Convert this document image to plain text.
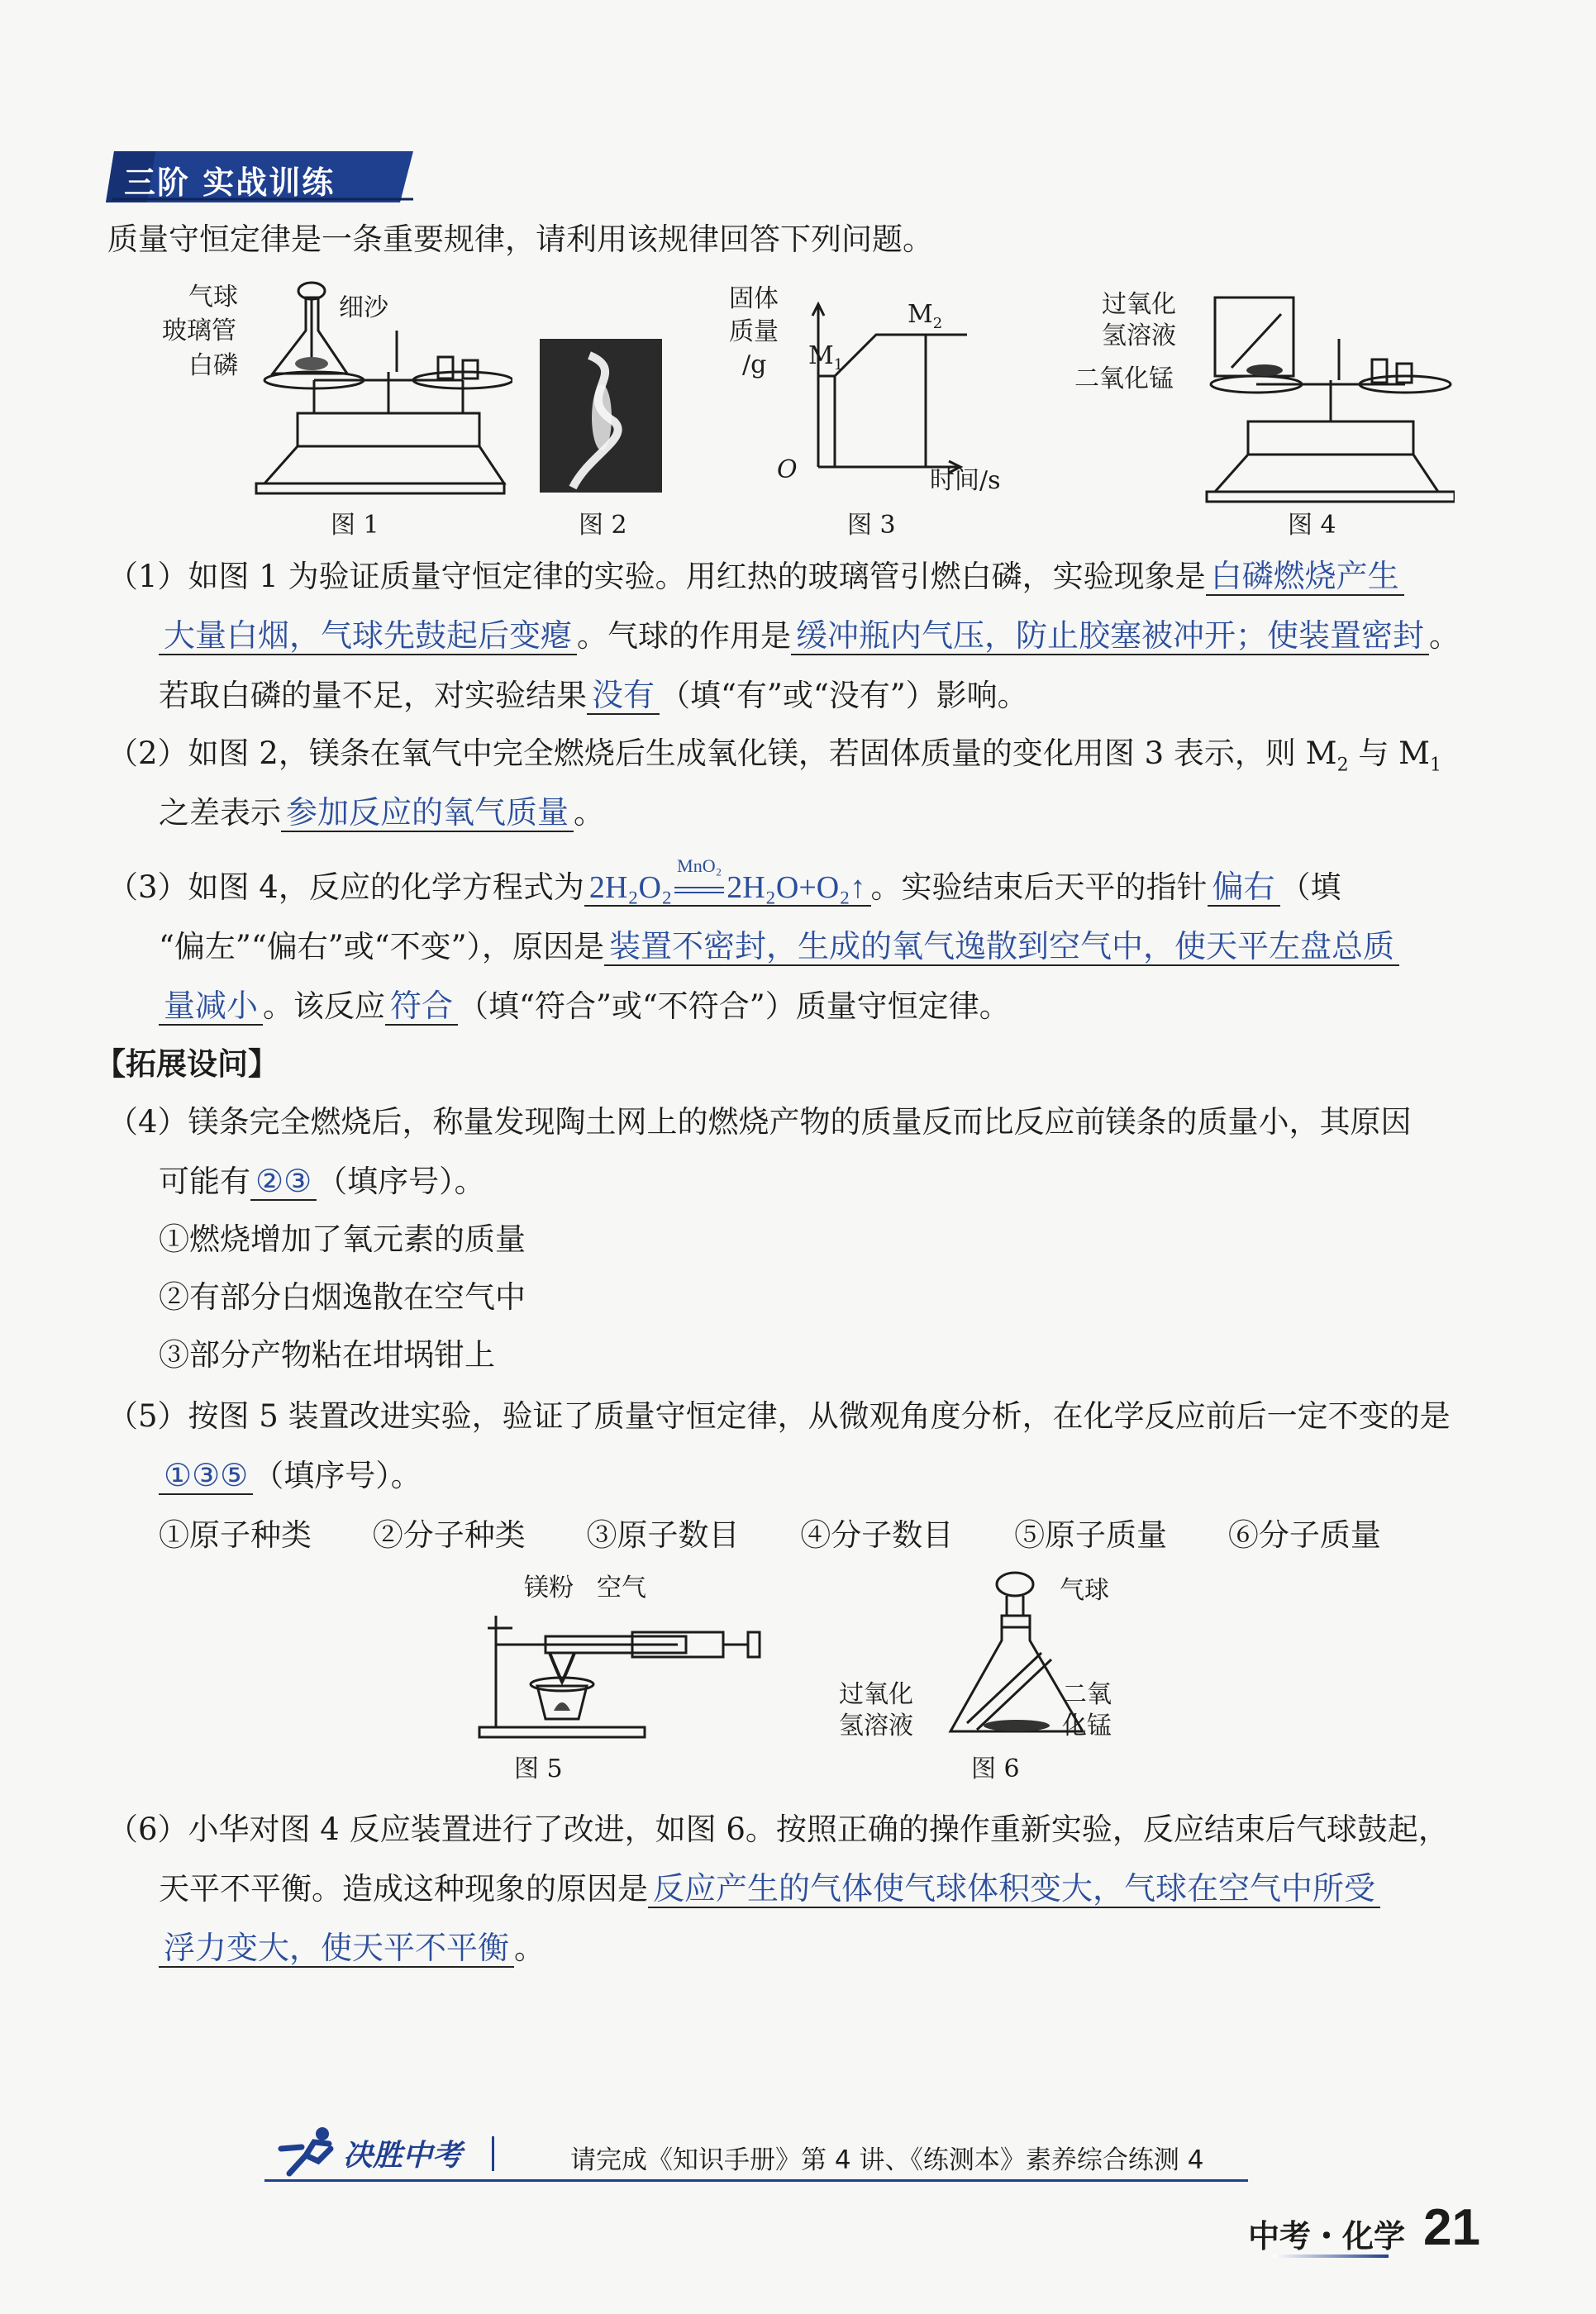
三阶 实战训练
质量守恒定律是一条重要规律，请利用该规律回答下列问题。
气球
玻璃管
白磷
细沙
图 1	图 2
固体
质量
/g
O	时间/s
$M_1$
$M_2$
图 3
过氧化
氢溶液
二氧化锰
图 4
（1）如图 1 为验证质量守恒定律的实验。用红热的玻璃管引燃白磷，实验现象是 白磷燃烧产生
大量白烟，气球先鼓起后变瘪 。气球的作用是 缓冲瓶内气压，防止胶塞被冲开；使装置密封 。
若取白磷的量不足，对实验结果 没有 （填“有”或“没有”）影响。
（2）如图 2，镁条在氧气中完全燃烧后生成氧化镁，若固体质量的变化用图 3 表示，则 $M_2$ 与 $M_1$
之差表示 参加反应的氧气质量 。
（3）如图 4，反应的化学方程式为 2H₂O₂
MnO₂
2H₂O+O₂↑ 。实验结束后天平的指针 偏右 （填
“偏左”“偏右”或“不变”），原因是 装置不密封，生成的氧气逸散到空气中，使天平左盘总质
量减小 。该反应 符合 （填“符合”或“不符合”）质量守恒定律。
【拓展设问】
（4）镁条完全燃烧后，称量发现陶土网上的燃烧产物的质量反而比反应前镁条的质量小，其原因
可能有 ②③ （填序号）。
①燃烧增加了氧元素的质量
②有部分白烟逸散在空气中
③部分产物粘在坩埚钳上
（5）按图 5 装置改进实验，验证了质量守恒定律，从微观角度分析，在化学反应前后一定不变的是
①③⑤ （填序号）。
①原子种类 ②分子种类 ③原子数目 ④分子数目 ⑤原子质量 ⑥分子质量
镁粉 空气
图 5
气球
过氧化
氢溶液
二氧
化锰
图 6
（6）小华对图 4 反应装置进行了改进，如图 6。按照正确的操作重新实验，反应结束后气球鼓起，
天平不平衡。造成这种现象的原因是 反应产生的气体使气球体积变大，气球在空气中所受
浮力变大，使天平不平衡 。
决胜中考	请完成《知识手册》第 4 讲、《练测本》素养综合练测 4
中考・化学 21
